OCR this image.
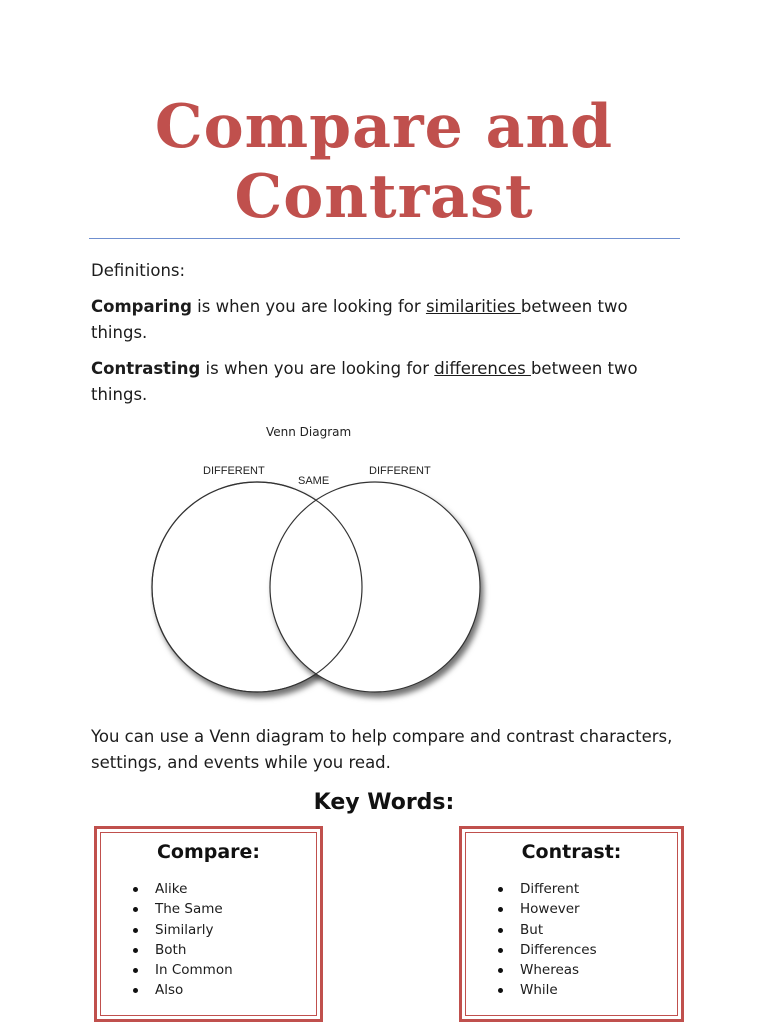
Compare and
Contrast

Definitions:

Comparing is when you are looking for similarities between two things.

Contrasting is when you are looking for differences between two things.

Venn Diagram
DIFFERENT
SAME
DIFFERENT
You can use a Venn diagram to help compare and contrast characters, settings, and events while you read.
Key Words:
Compare:
Alike
The Same
Similarly
Both
In Common
Also
Contrast:
Different
However
But
Differences
Whereas
While
